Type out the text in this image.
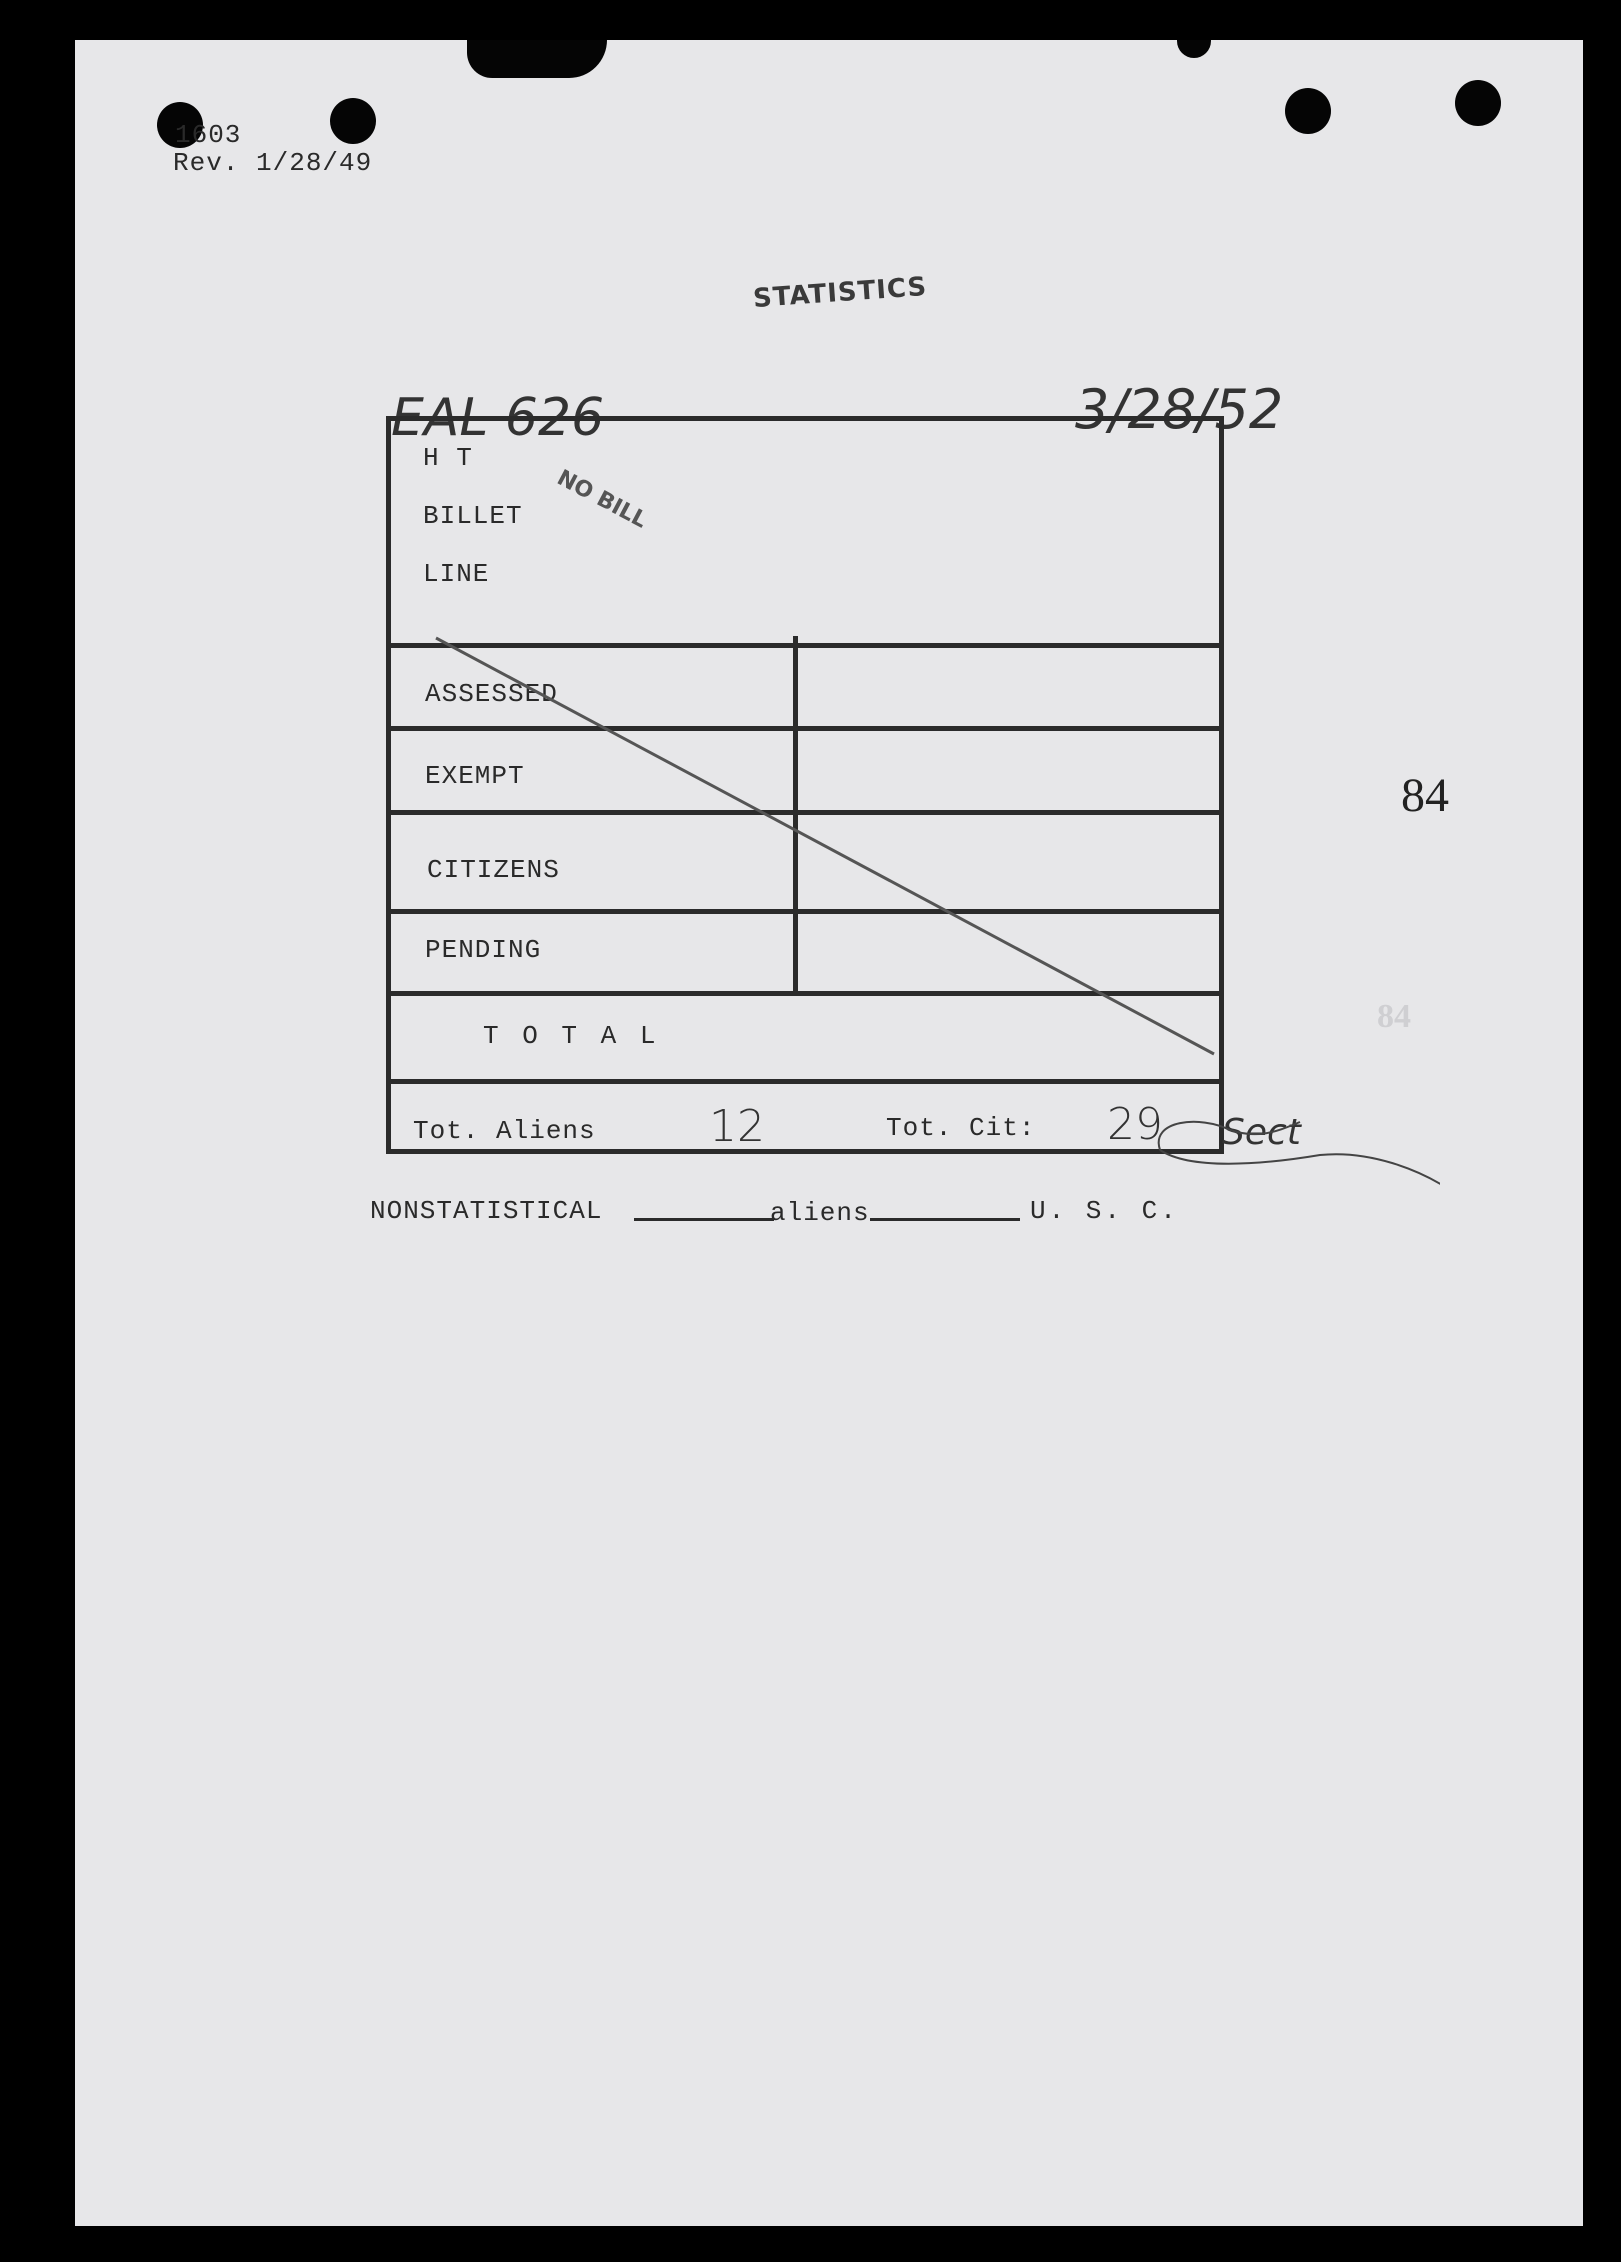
1603
Rev. 1/28/49
STATISTICS
EAL 626	3/28/52
84
84
H T
BILLET
LINE
NO BILL
ASSESSED
EXEMPT
CITIZENS
PENDING
T O T A L
Tot. Aliens	12	Tot. Cit: 29 Sect
NONSTATISTICAL	aliens	U. S. C.
